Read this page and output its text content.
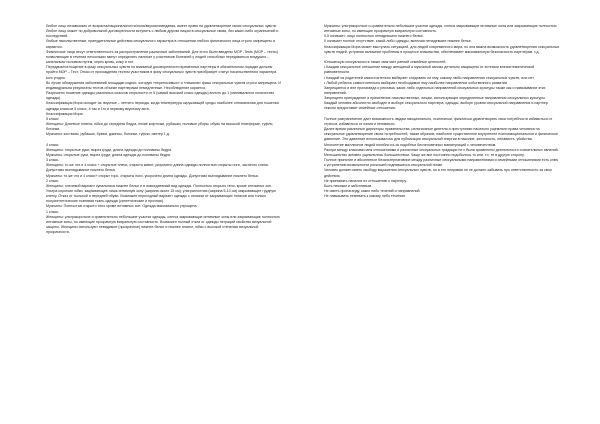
Любое лицо независимо от возраста/национальности/пола/вероисповедания, имеет право на удовлетворение своих сексуальных чувств.

Любое лицо может по добровольной договоренности вступить с любым другим лицом в сексуальные связи, без каких-либо ограничений и последствий.

Любые насильственные, принудительные действия сексуального характера в отношении любого физического лица строго запрещены и караются.

Физические лица несут ответственность за распространение различных заболеваний. Для этого были введены МОР -Tests (МОР – тесты) позволяющие в течении нескольких минут определить наличие у участников болезней у людей способных передаваться воздушно – капельным/ половым путем, через кровь, кожу и пот.

Передача/поглощение в фазу сексуальных чувств по взаимной договоренности временных партнеры в обязательном порядке должны пройти МОР – Тест. Отказ от прохождения тестом участников в фазу сексуальных чувств преобразует статус насильственного характера кого угодно.

Вс лучае обнаружения заболеваний площадки кодекс, которую «переносимых» и «пачиков» фазы сексуальных чувств строго запрещена. И индивидуальна результаты тестов объеме партнерами немедленные. Несоблюдение карается.

Разрешено ношение одежды различных классов открытости от 5 (самый высокий класс одежды) вплоть до 1 (минимальное количество одежды).

Классификация Мора исходят из: вкусные – летнего периода, когда температура окружающей среды наиболее оптимальная для ношения одежды классов 5 класс, 4 так и 1го и первому вкусному акта.

Классификация Мора:

5 класс:

Женщины: Длинные платья, юбка до середины бедра, некие кофточки, рубашки, половые уборы, обувь на высокой платформе, туфли, ботинки.

Мужчины: костюмы, рубашки, брюки, джинсы, ботинки, туфли, свитер 1 д.

4 класс:

Женщины: открытые руки, вырез груди, длина одежды до половины бедра.

Мужчины: открытые руки, вырез груди, длина одежды до половины бедра.

3 класс.

Женщины: то же что и 4 класс + открытые плечи, открыта живот, укорочено длина одежды полностью открыты ноги, частично спина. Допустимо выглядывание нижнего белья.

Мужчины: то же что и 4 класс+ открыт торс, открыты ноги, укорочено длина одежды. Допустимо выглядывание нижнего белья.

2 класс.

Женщины: плечевой вариант купальника.нижнее белье и в повседневный вид одежды. Полностью открыто тело, кроме интимных зон. Ультра короткие юбки, закрывающее лишь интимную зону (ширина около 15 см), ультраплотная (ширина 5-10 см) закрывающее грудную клетку. Отказ от тыльной и передней обуви. Возможен переходный вариант одежды с отказом от закрывающих топиков или только полусинтетические тканевая ткань-одежда (синтетические и прочная).

Мужчины: Полностью открыто тело кроме интимных зон. Одежда максимально упрощена.

1 класс.

Женщины: ультракороткое и сравнительно небольшие участки одежды, слегка закрывающие интимные зоны или закрывающие полностью интимные зоны, но имеющие прозрачную визуальную составность. Возможен полный отказ от одежды неграций свойство визуальной защиты. Женщины используют невидимое (прозрачное) нижнее белье и нижнее платье, юбки с высокой степенью визуальной прозрачности.

Мужчины: ультракороткое и сравнительно небольшие участки одежды, слегка закрывающие интимные зоны или закрывающие полностью интимные зоны, но имеющие прозрачную визуальную составность.

0,5 означает: лицо полностью ненадевшего нижнего белья.

0 означает полное отсутствие, какой-либо одежды, включая ненадевшее нижнее белье.

Классификация Мора может выступать ситуацией, для людей современного мира, но она важна возможность удовлетворения сексуальных чувств людей, устраняя излишние проблемы в процессе знакомства, обеспечивает максимальную безопасность партнерам. т.д.

Юношескую сексуальность также смягчает ранний семейные ценностей.

• Каждая сексуальное отношение между женщиной и мужчиной заново детально защищены от эстетики внесистематической равновенности.

• Каждый из родителей самостоятельно выбирает следовать ли ему, какому любо направлению сексуальных чувств, или нет.

• Любой ребенок самостоятельно выбирает необходимое ему наиболее направление собственного развития

Запрещается и вне пропаганда и реклама, каких либо отдельных направлений сексуальных культуры также как и навязывание этих направлений.

Запрещено принуждение и применение насильственных, лицам, использующих определенные направления сексуальных культуры.

Каждый человек абсолютно свободен в выборе сексуального партнера, одежды, выборе уровня сексуальной направления и партнер сексом предоставит семейные отношения.

Полное разграничение дает возможность людям эмоционально, психически, физически удовлетворять свои потребности избавиться от стресса, избавиться от излия и ненависти.

Далее время различные директоры правительства, религиозные деятели и преступники насильно ущемляли права человека на сексуальное удовлетворение своих потребностей, таким образом, наиболее существенное внутреннее психоэмоциональное и физическое давление. Это давление использовалось для публикация сексуальной энергии в насилие, жестокость, ненависть, убийства.

Многолетие миллионов людей погибли из-за подобных бесчеловечных манипуляций с человечеством.

Распри между классами меж отношениями и различные сексуальных традиции не к были применены деятельности сознательных явлений. Меньшинство активно ущемлялось большинством. Чаще же все постоянно подобилось то или, то, те в другую сторону.

Полное принятие и абсолютное безальтернативное между различные сексуальными направлениями и семейными отношениями есть ключ к устранению возможности роскошей поднявшихся сексуальной почве.

Человек должен иметь свободу выражения сексуальных чувств, но и это неправая он не должен забывать про ответственность за свои действия.

Не принимать насилия по отношению к партнеру.

Быть нежным и заботливым.

Не иметь пропаганду, каких либо течений и направлений.

Не навязывать немевать к какому либо течению.
